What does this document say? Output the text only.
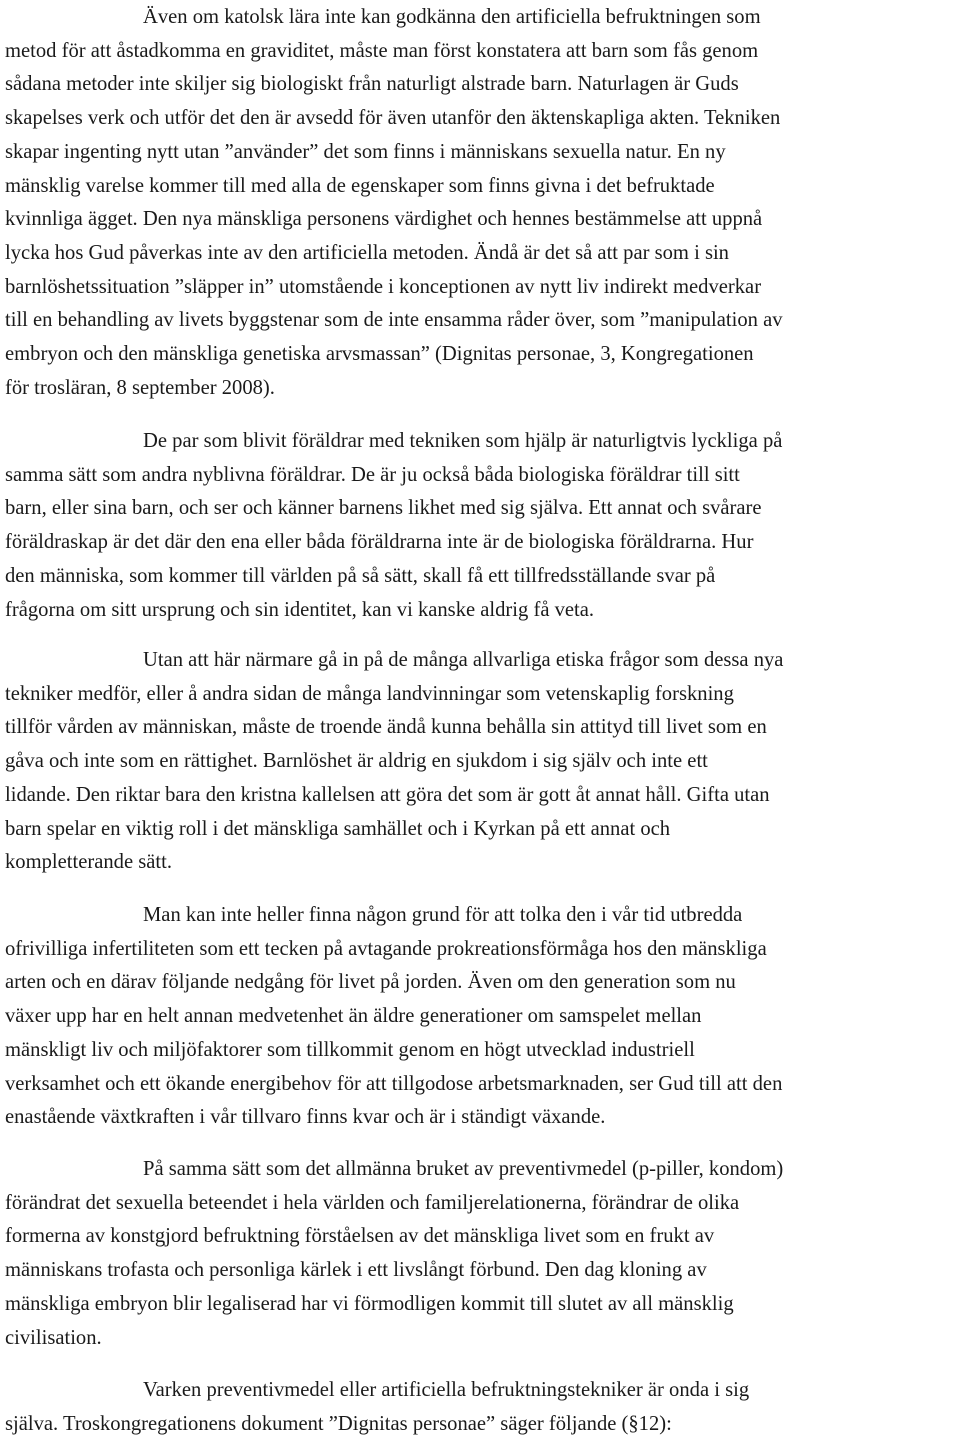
Även om katolsk lära inte kan godkänna den artificiella befruktningen som
metod för att åstadkomma en graviditet, måste man först konstatera att barn som fås genom
sådana metoder inte skiljer sig biologiskt från naturligt alstrade barn. Naturlagen är Guds
skapelses verk och utför det den är avsedd för även utanför den äktenskapliga akten. Tekniken
skapar ingenting nytt utan ”använder” det som finns i människans sexuella natur. En ny
mänsklig varelse kommer till med alla de egenskaper som finns givna i det befruktade
kvinnliga ägget. Den nya mänskliga personens värdighet och hennes bestämmelse att uppnå
lycka hos Gud påverkas inte av den artificiella metoden. Ändå är det så att par som i sin
barnlöshetssituation ”släpper in” utomstående i konceptionen av nytt liv indirekt medverkar
till en behandling av livets byggstenar som de inte ensamma råder över, som ”manipulation av
embryon och den mänskliga genetiska arvsmassan” (Dignitas personae, 3, Kongregationen
för trosläran, 8 september 2008).
De par som blivit föräldrar med tekniken som hjälp är naturligtvis lyckliga på
samma sätt som andra nyblivna föräldrar. De är ju också båda biologiska föräldrar till sitt
barn, eller sina barn, och ser och känner barnens likhet med sig själva. Ett annat och svårare
föräldraskap är det där den ena eller båda föräldrarna inte är de biologiska föräldrarna. Hur
den människa, som kommer till världen på så sätt, skall få ett tillfredsställande svar på
frågorna om sitt ursprung och sin identitet, kan vi kanske aldrig få veta.
Utan att här närmare gå in på de många allvarliga etiska frågor som dessa nya
tekniker medför, eller å andra sidan de många landvinningar som vetenskaplig forskning
tillför vården av människan, måste de troende ändå kunna behålla sin attityd till livet som en
gåva och inte som en rättighet. Barnlöshet är aldrig en sjukdom i sig själv och inte ett
lidande. Den riktar bara den kristna kallelsen att göra det som är gott åt annat håll. Gifta utan
barn spelar en viktig roll i det mänskliga samhället och i Kyrkan på ett annat och
kompletterande sätt.
Man kan inte heller finna någon grund för att tolka den i vår tid utbredda
ofrivilliga infertiliteten som ett tecken på avtagande prokreationsförmåga hos den mänskliga
arten och en därav följande nedgång för livet på jorden. Även om den generation som nu
växer upp har en helt annan medvetenhet än äldre generationer om samspelet mellan
mänskligt liv och miljöfaktorer som tillkommit genom en högt utvecklad industriell
verksamhet och ett ökande energibehov för att tillgodose arbetsmarknaden, ser Gud till att den
enastående växtkraften i vår tillvaro finns kvar och är i ständigt växande.
På samma sätt som det allmänna bruket av preventivmedel (p-piller, kondom)
förändrat det sexuella beteendet i hela världen och familjerelationerna, förändrar de olika
formerna av konstgjord befruktning förståelsen av det mänskliga livet som en frukt av
människans trofasta och personliga kärlek i ett livslångt förbund. Den dag kloning av
mänskliga embryon blir legaliserad har vi förmodligen kommit till slutet av all mänsklig
civilisation.
Varken preventivmedel eller artificiella befruktningstekniker är onda i sig
själva. Troskongregationens dokument ”Dignitas personae” säger följande (§12):
